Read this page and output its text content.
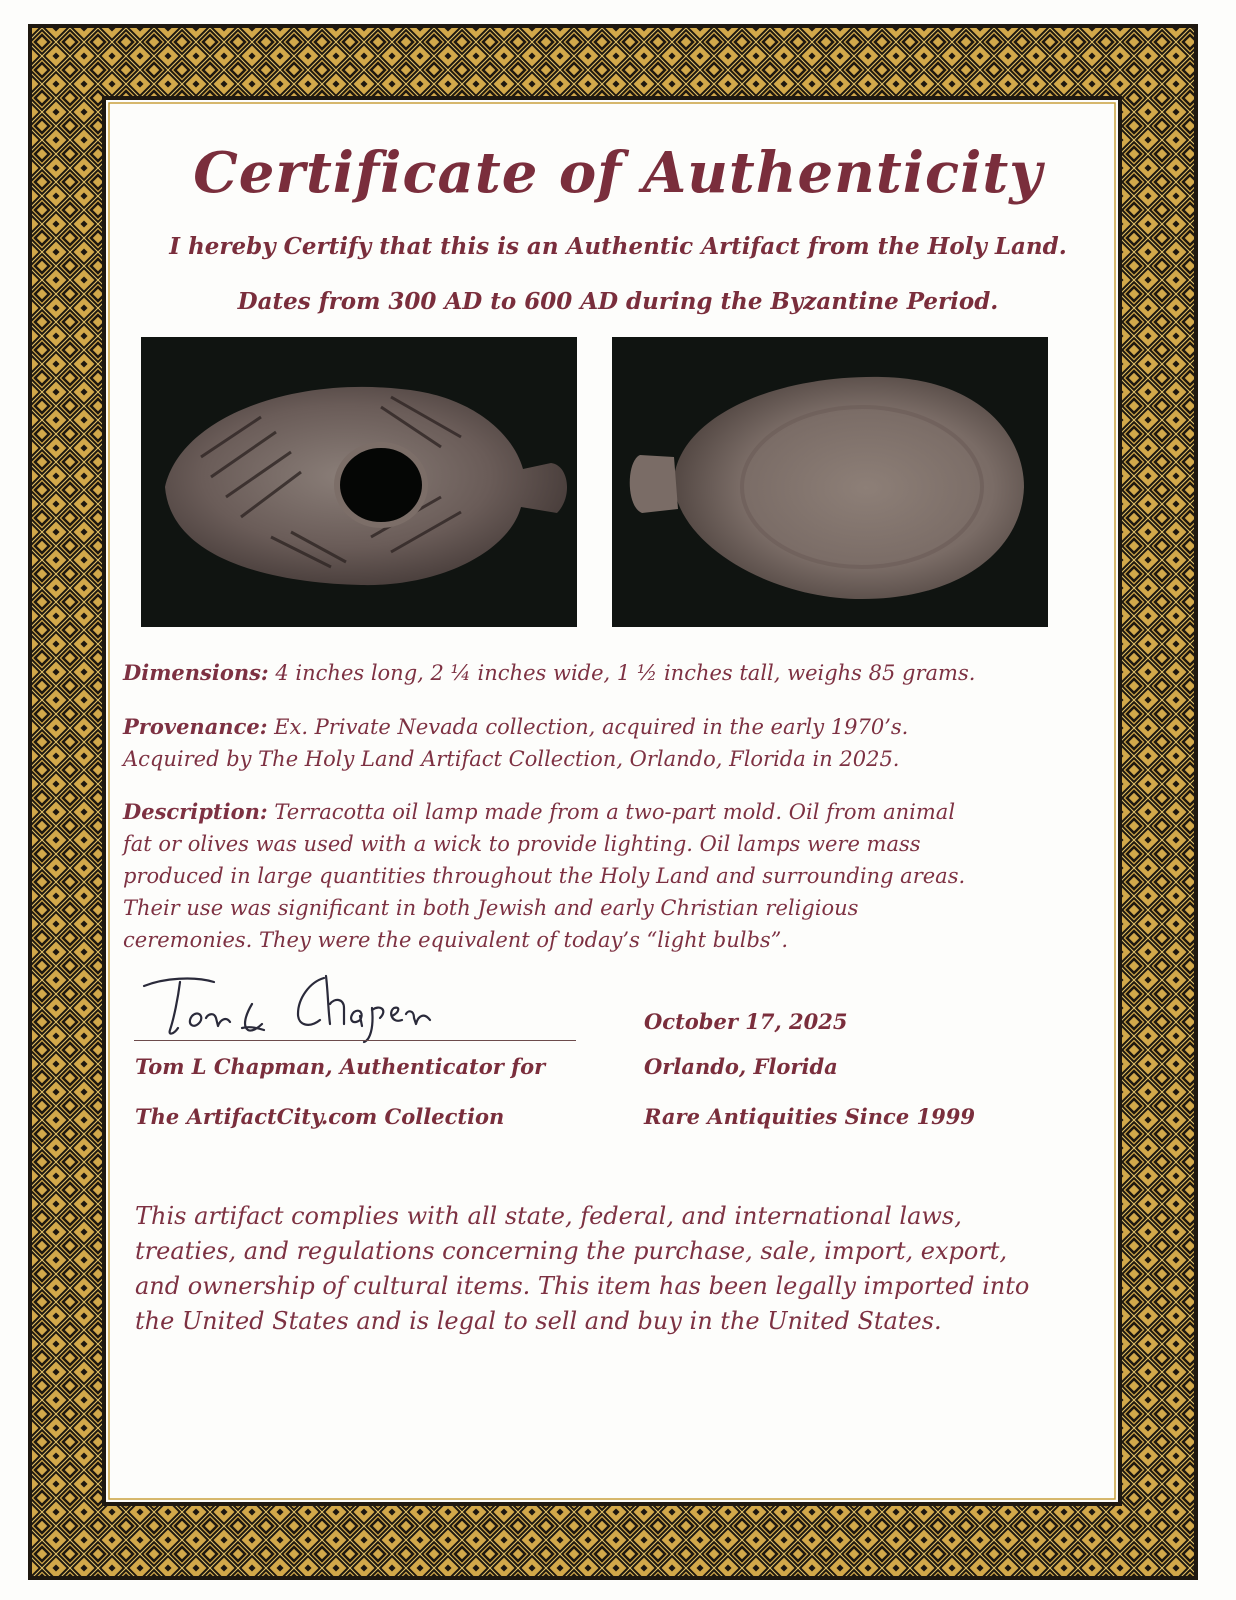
Certificate of Authenticity
I hereby Certify that this is an Authentic Artifact from the Holy Land.
Dates from 300 AD to 600 AD during the Byzantine Period.
Dimensions: 4 inches long, 2 ¼ inches wide, 1 ½ inches tall, weighs 85 grams.
Provenance: Ex. Private Nevada collection, acquired in the early 1970’s.
Acquired by The Holy Land Artifact Collection, Orlando, Florida in 2025.
Description: Terracotta oil lamp made from a two-part mold. Oil from animal
fat or olives was used with a wick to provide lighting. Oil lamps were mass
produced in large quantities throughout the Holy Land and surrounding areas.
Their use was significant in both Jewish and early Christian religious
ceremonies. They were the equivalent of today’s “light bulbs”.
Tom L Chapman, Authenticator for
The ArtifactCity.com Collection
October 17, 2025
Orlando, Florida
Rare Antiquities Since 1999
This artifact complies with all state, federal, and international laws,
treaties, and regulations concerning the purchase, sale, import, export,
and ownership of cultural items. This item has been legally imported into
the United States and is legal to sell and buy in the United States.
